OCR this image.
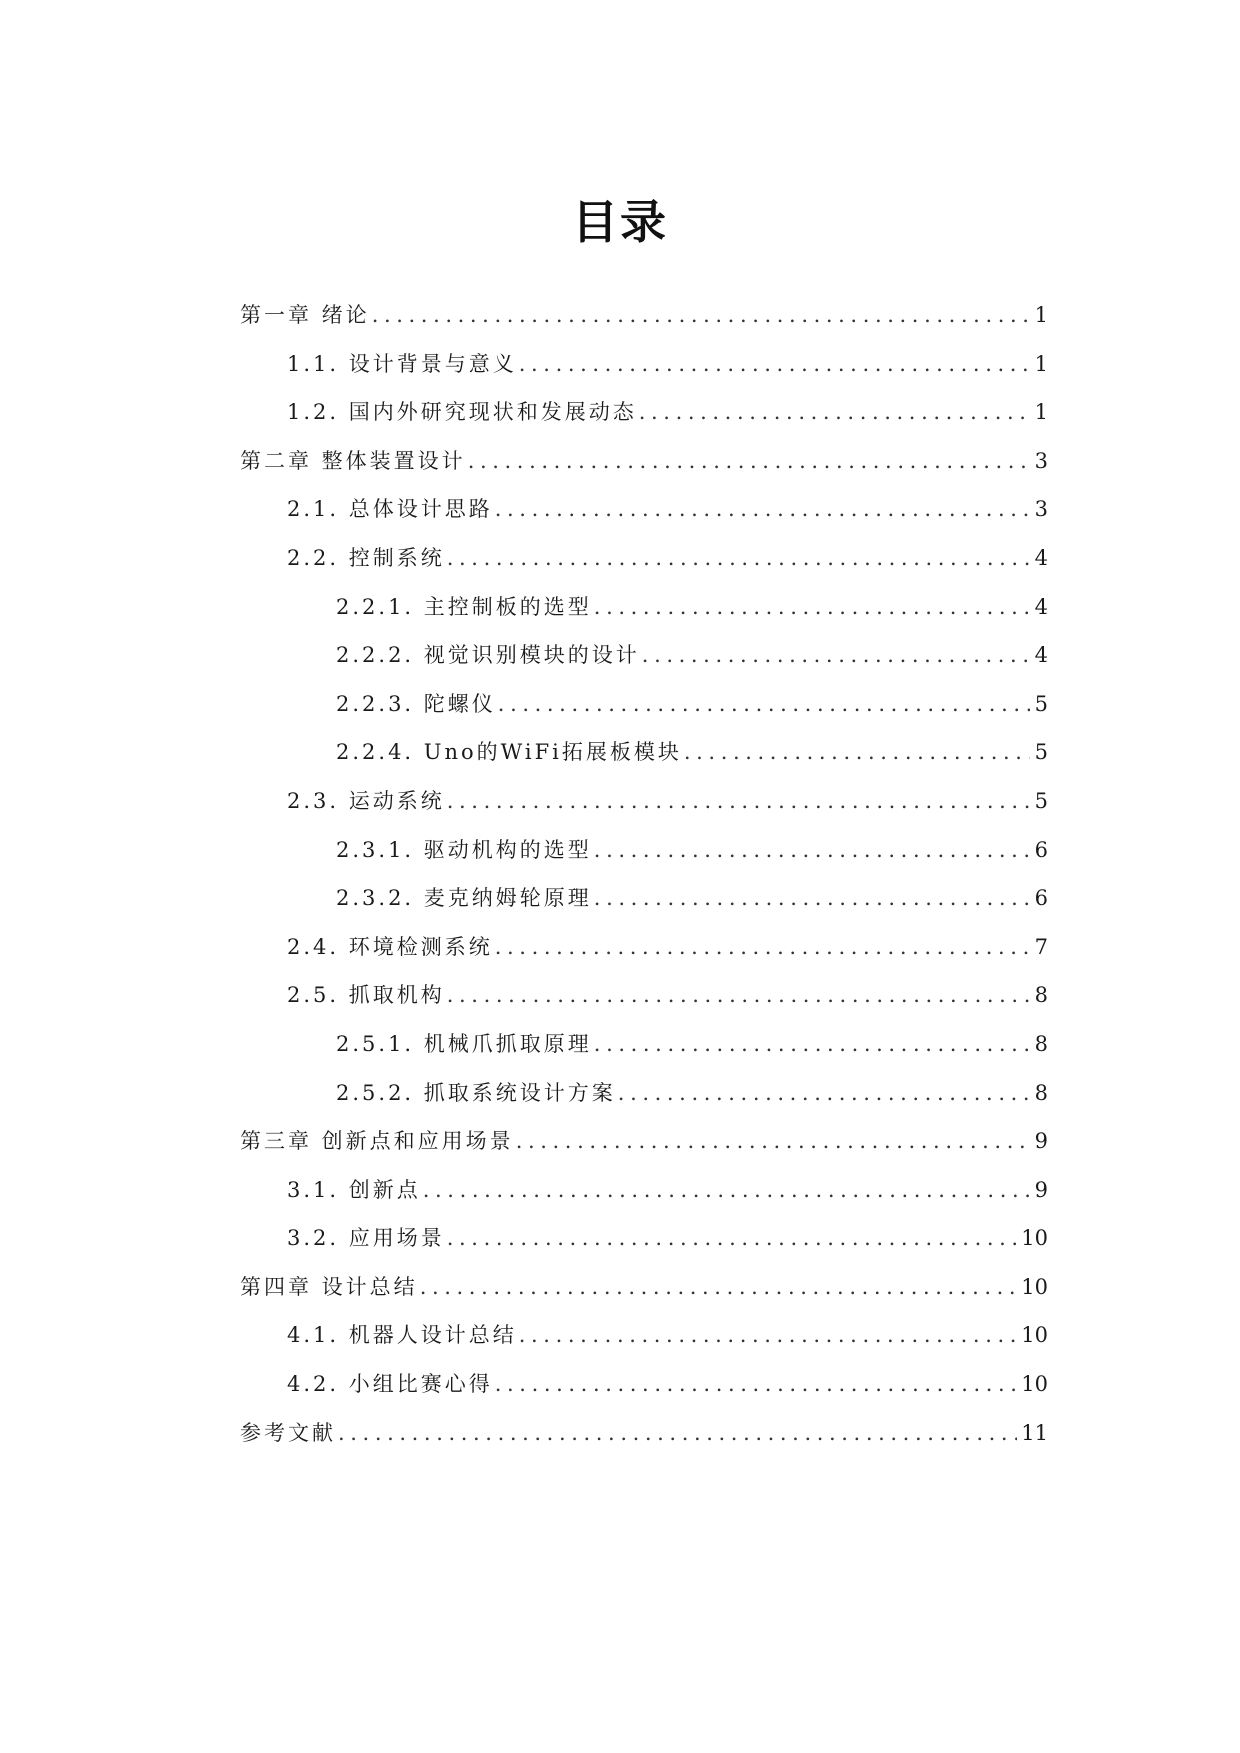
目录
第一章 绪论 .....	1
1.1. 设计背景与意义 .....	1
1.2. 国内外研究现状和发展动态 .....	1
第二章 整体装置设计 .....	3
2.1. 总体设计思路 .....	3
2.2. 控制系统 .....	4
2.2.1. 主控制板的选型 .....	4
2.2.2. 视觉识别模块的设计 .....	4
2.2.3. 陀螺仪 .....	5
2.2.4. Uno的WiFi拓展板模块 .....	5
2.3. 运动系统 .....	5
2.3.1. 驱动机构的选型 .....	6
2.3.2. 麦克纳姆轮原理 .....	6
2.4. 环境检测系统 .....	7
2.5. 抓取机构 .....	8
2.5.1. 机械爪抓取原理 .....	8
2.5.2. 抓取系统设计方案 .....	8
第三章 创新点和应用场景 .....	9
3.1. 创新点 .....	9
3.2. 应用场景 .....	10
第四章 设计总结 .....	10
4.1. 机器人设计总结 .....	10
4.2. 小组比赛心得 .....	10
参考文献 .....	11
